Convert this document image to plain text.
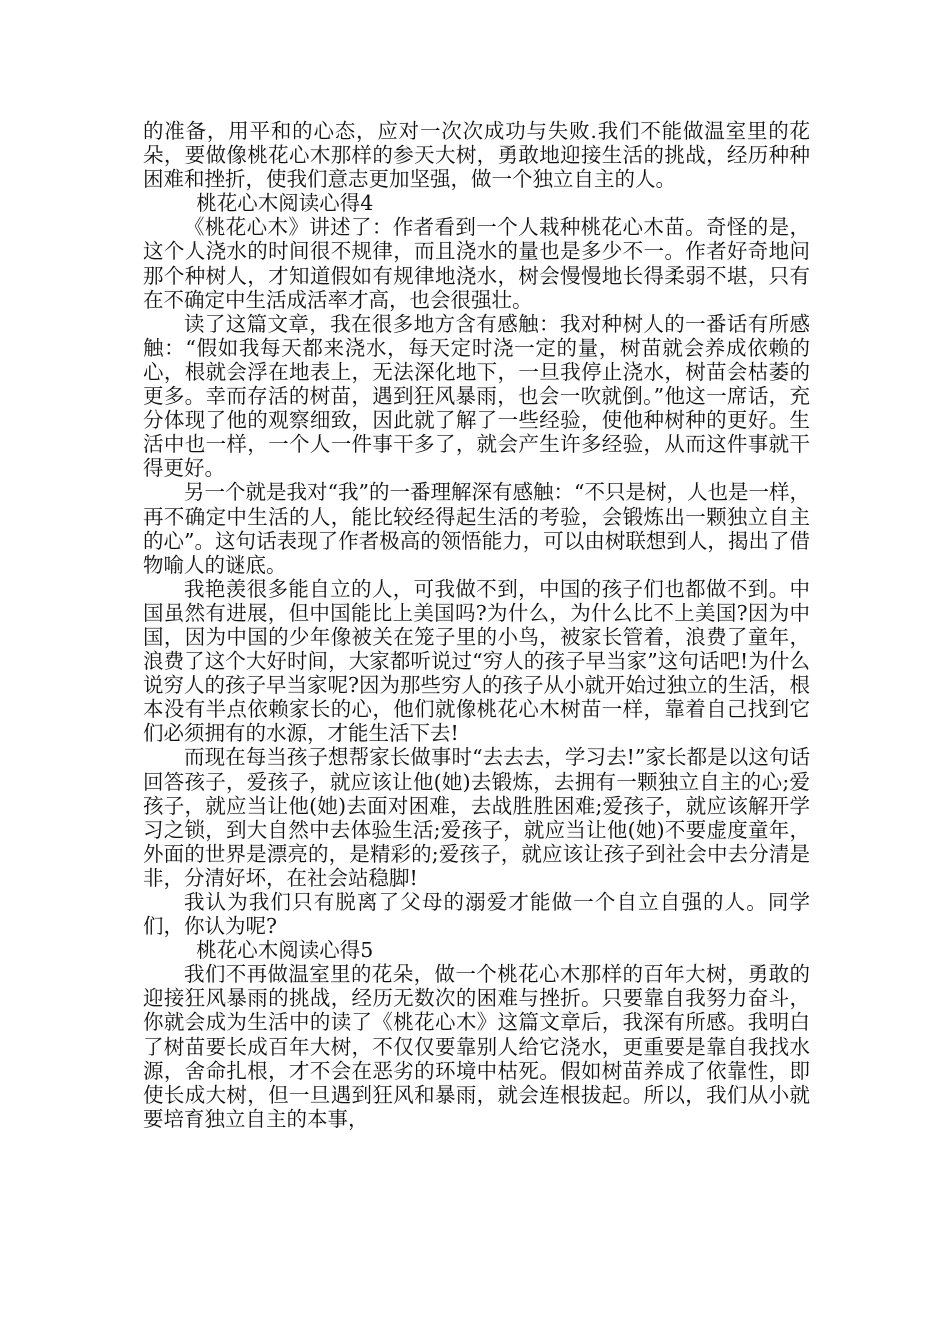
的准备，用平和的心态，应对一次次成功与失败.我们不能做温室里的花朵，要做像桃花心木那样的参天大树，勇敢地迎接生活的挑战，经历种种困难和挫折，使我们意志更加坚强，做一个独立自主的人。

桃花心木阅读心得4

《桃花心木》讲述了：作者看到一个人栽种桃花心木苗。奇怪的是，这个人浇水的时间很不规律，而且浇水的量也是多少不一。作者好奇地问那个种树人，才知道假如有规律地浇水，树会慢慢地长得柔弱不堪，只有在不确定中生活成活率才高，也会很强壮。

读了这篇文章，我在很多地方含有感触：我对种树人的一番话有所感触：“假如我每天都来浇水，每天定时浇一定的量，树苗就会养成依赖的心，根就会浮在地表上，无法深化地下，一旦我停止浇水，树苗会枯萎的更多。幸而存活的树苗，遇到狂风暴雨，也会一吹就倒。”他这一席话，充分体现了他的观察细致，因此就了解了一些经验，使他种树种的更好。生活中也一样，一个人一件事干多了，就会产生许多经验，从而这件事就干得更好。

另一个就是我对“我”的一番理解深有感触：“不只是树，人也是一样，再不确定中生活的人，能比较经得起生活的考验，会锻炼出一颗独立自主的心”。这句话表现了作者极高的领悟能力，可以由树联想到人，揭出了借物喻人的谜底。

我艳羡很多能自立的人，可我做不到，中国的孩子们也都做不到。中国虽然有进展，但中国能比上美国吗?为什么，为什么比不上美国?因为中国，因为中国的少年像被关在笼子里的小鸟，被家长管着，浪费了童年，浪费了这个大好时间，大家都听说过“穷人的孩子早当家”这句话吧!为什么说穷人的孩子早当家呢?因为那些穷人的孩子从小就开始过独立的生活，根本没有半点依赖家长的心，他们就像桃花心木树苗一样，靠着自己找到它们必须拥有的水源，才能生活下去!

而现在每当孩子想帮家长做事时“去去去，学习去!”家长都是以这句话回答孩子，爱孩子，就应该让他(她)去锻炼，去拥有一颗独立自主的心;爱孩子，就应当让他(她)去面对困难，去战胜胜困难;爱孩子，就应该解开学习之锁，到大自然中去体验生活;爱孩子，就应当让他(她)不要虚度童年，外面的世界是漂亮的，是精彩的;爱孩子，就应该让孩子到社会中去分清是非，分清好坏，在社会站稳脚!

我认为我们只有脱离了父母的溺爱才能做一个自立自强的人。同学们，你认为呢?

桃花心木阅读心得5

我们不再做温室里的花朵，做一个桃花心木那样的百年大树，勇敢的迎接狂风暴雨的挑战，经历无数次的困难与挫折。只要靠自我努力奋斗，你就会成为生活中的读了《桃花心木》这篇文章后，我深有所感。我明白了树苗要长成百年大树，不仅仅要靠别人给它浇水，更重要是靠自我找水源，舍命扎根，才不会在恶劣的环境中枯死。假如树苗养成了依靠性，即使长成大树，但一旦遇到狂风和暴雨，就会连根拔起。所以，我们从小就要培育独立自主的本事，
